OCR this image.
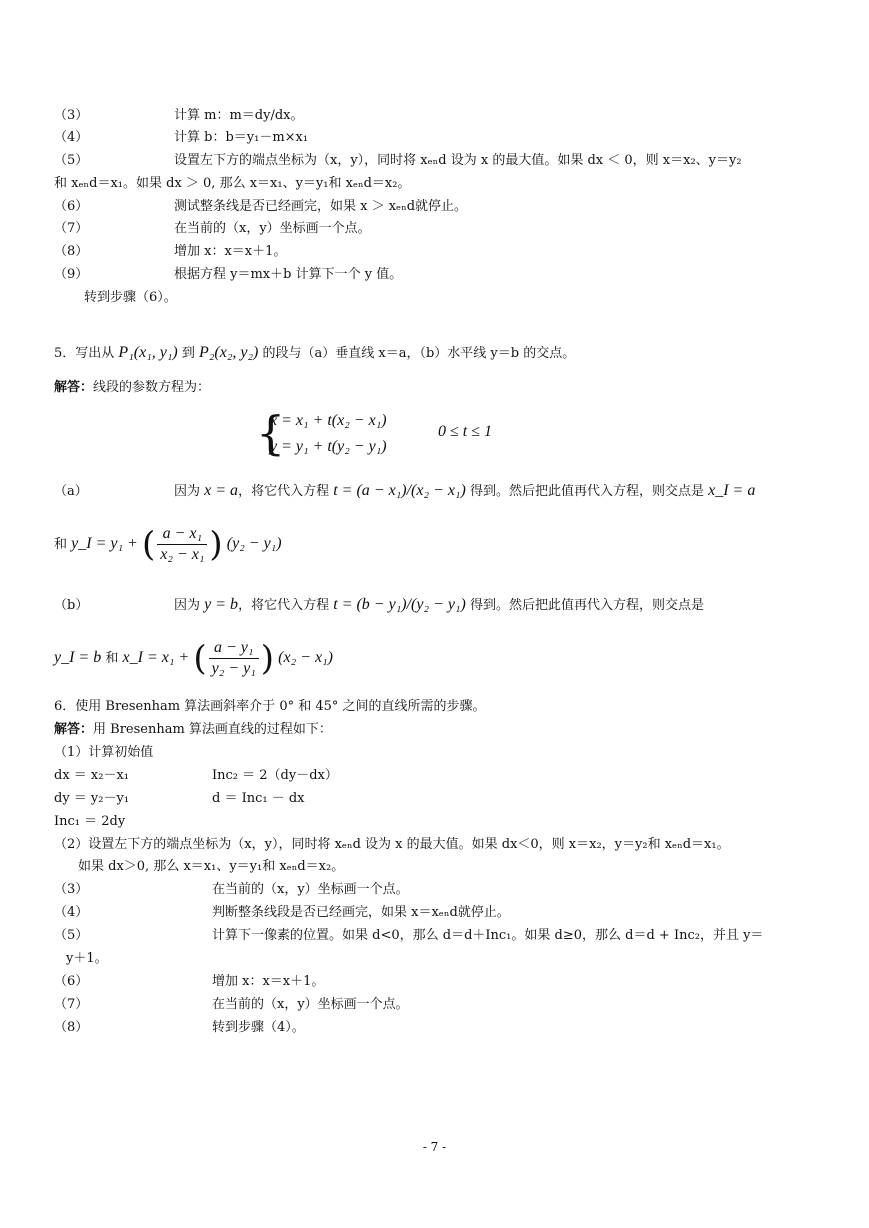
（3）	计算 m：m＝dy/dx。
（4）	计算 b：b＝y₁－m×x₁
（5）	设置左下方的端点坐标为（x，y），同时将 xₑₙd 设为 x 的最大值。如果 dx ＜ 0，则 x＝x₂、y＝y₂
和 xₑₙd＝x₁。如果 dx ＞ 0, 那么 x＝x₁、y＝y₁和 xₑₙd＝x₂。
（6）	测试整条线是否已经画完，如果 x ＞ xₑₙd就停止。
（7）	在当前的（x，y）坐标画一个点。
（8）	增加 x：x＝x＋1。
（9）	根据方程 y＝mx＋b 计算下一个 y 值。
转到步骤（6）。
5．写出从 P₁(x₁, y₁) 到 P₂(x₂, y₂) 的段与（a）垂直线 x＝a，（b）水平线 y＝b 的交点。
解答：线段的参数方程为：
{
x = x₁ + t(x₂ − x₁)
y = y₁ + t(y₂ − y₁)
0 ≤ t ≤ 1
（a）	因为 x = a，将它代入方程 t = (a − x₁)/(x₂ − x₁) 得到。然后把此值再代入方程，则交点是 x_I = a
和 y_I = y₁ + ( $\frac{\text{a − x₁}}{\text{x₂ − x₁}}$ ) (y₂ − y₁)
（b）	因为 y = b，将它代入方程 t = (b − y₁)/(y₂ − y₁) 得到。然后把此值再代入方程，则交点是
y_I = b 和 x_I = x₁ + ( $\frac{\text{a − y₁}}{\text{y₂ − y₁}}$ ) (x₂ − x₁)
6．使用 Bresenham 算法画斜率介于 0° 和 45° 之间的直线所需的步骤。
解答：用 Bresenham 算法画直线的过程如下：
（1）计算初始值
dx ＝ x₂－x₁	Inc₂ ＝ 2（dy－dx）
dy ＝ y₂－y₁	d ＝ Inc₁ － dx
Inc₁ ＝ 2dy
（2）设置左下方的端点坐标为（x，y），同时将 xₑₙd 设为 x 的最大值。如果 dx＜0，则 x＝x₂，y＝y₂和 xₑₙd＝x₁。
如果 dx＞0, 那么 x＝x₁、y＝y₁和 xₑₙd＝x₂。
（3）	在当前的（x，y）坐标画一个点。
（4）	判断整条线段是否已经画完，如果 x＝xₑₙd就停止。
（5）	计算下一像素的位置。如果 d<0，那么 d＝d＋Inc₁。如果 d≥0，那么 d＝d + Inc₂，并且 y＝
y＋1。
（6）	增加 x：x＝x＋1。
（7）	在当前的（x，y）坐标画一个点。
（8）	转到步骤（4）。
- 7 -
